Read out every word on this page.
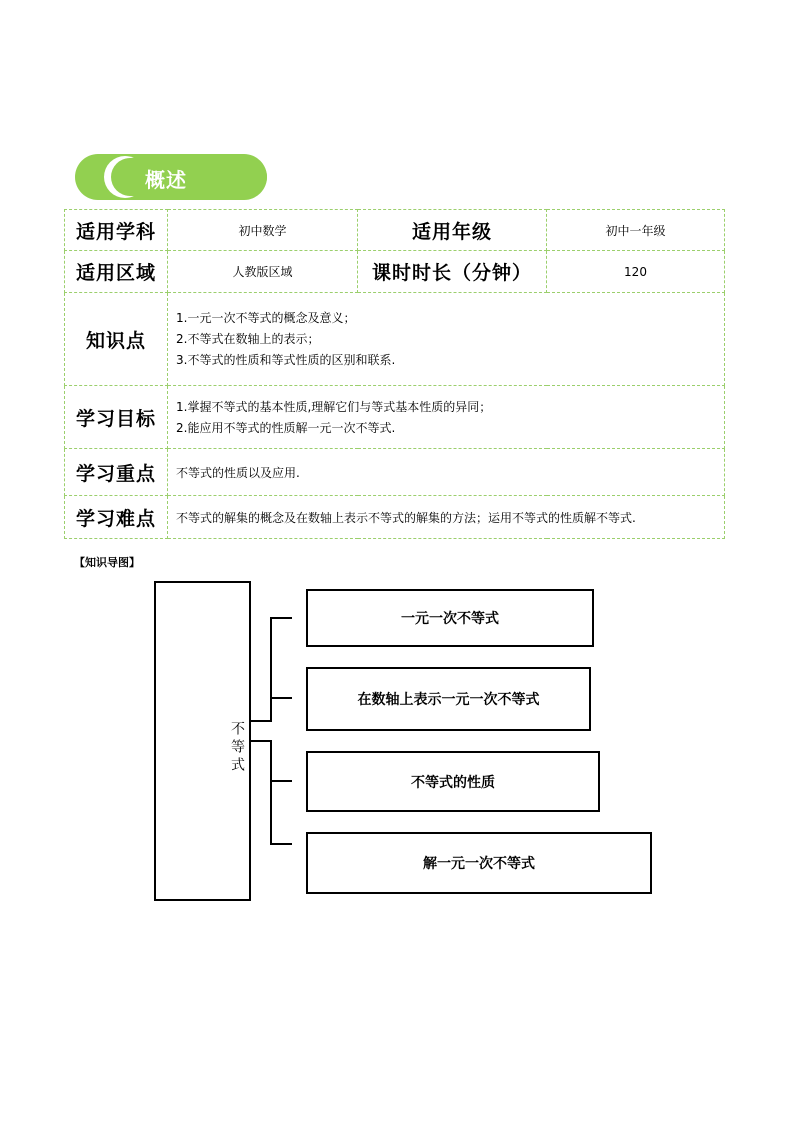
概述
适用学科	初中数学	适用年级	初中一年级
适用区域	人教版区域	课时时长（分钟）	120
知识点	1.一元一次不等式的概念及意义；
2.不等式在数轴上的表示；
3.不等式的性质和等式性质的区别和联系.		

学习目标	1.掌握不等式的基本性质,理解它们与等式基本性质的异同；
2.能应用不等式的性质解一元一次不等式.		

学习重点	不等式的性质以及应用.		
学习难点	不等式的解集的概念及在数轴上表示不等式的解集的方法；运用不等式的性质解不等式.		
【知识导图】
不等式
一元一次不等式
在数轴上表示一元一次不等式
不等式的性质
解一元一次不等式
